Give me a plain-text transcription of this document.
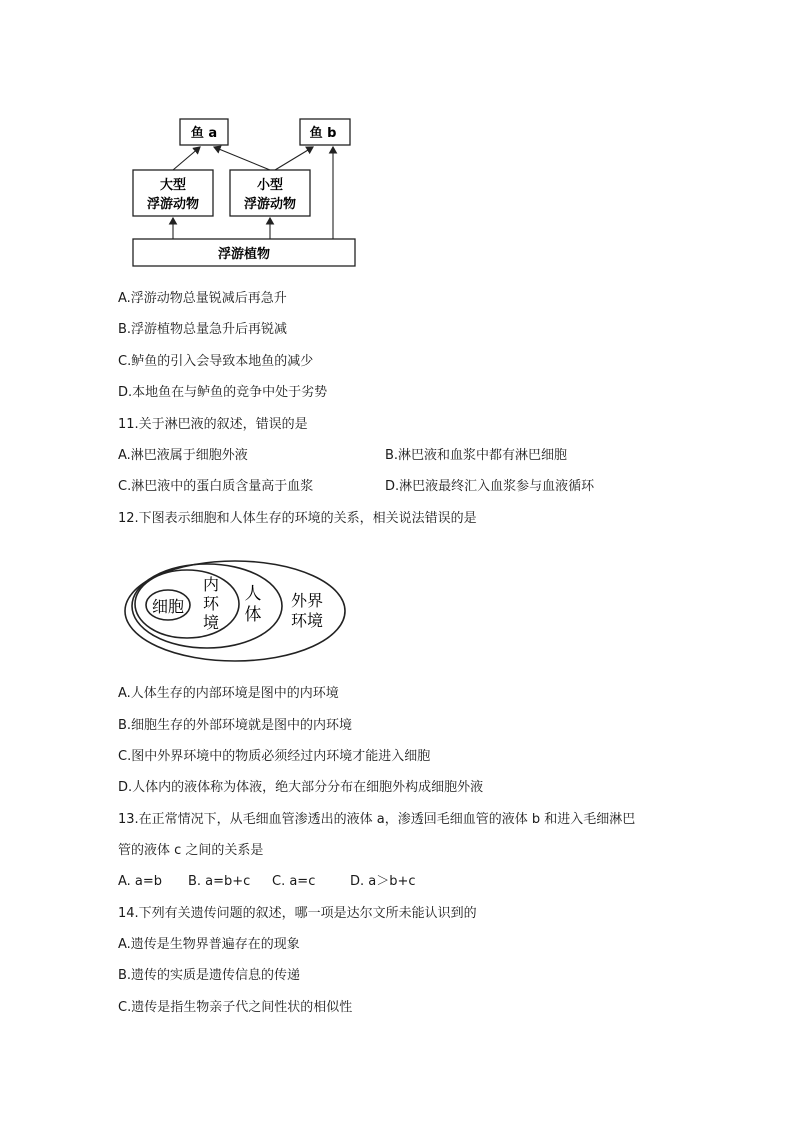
鱼 a	鱼 b
大型
浮游动物
小型
浮游动物
浮游植物
A.浮游动物总量锐减后再急升
B.浮游植物总量急升后再锐减
C.鲈鱼的引入会导致本地鱼的减少
D.本地鱼在与鲈鱼的竞争中处于劣势
11.关于淋巴液的叙述，错误的是
A.淋巴液属于细胞外液	B.淋巴液和血浆中都有淋巴细胞
C.淋巴液中的蛋白质含量高于血浆	D.淋巴液最终汇入血浆参与血液循环
12.下图表示细胞和人体生存的环境的关系，相关说法错误的是
细胞
内
环
境
人
体
外界
环境
A.人体生存的内部环境是图中的内环境
B.细胞生存的外部环境就是图中的内环境
C.图中外界环境中的物质必须经过内环境才能进入细胞
D.人体内的液体称为体液，绝大部分分布在细胞外构成细胞外液
13.在正常情况下，从毛细血管渗透出的液体 a，渗透回毛细血管的液体 b 和进入毛细淋巴
管的液体 c 之间的关系是
A. a=b B. a=b+c C. a=c	D. a＞b+c
14.下列有关遗传问题的叙述，哪一项是达尔文所未能认识到的
A.遗传是生物界普遍存在的现象
B.遗传的实质是遗传信息的传递
C.遗传是指生物亲子代之间性状的相似性
